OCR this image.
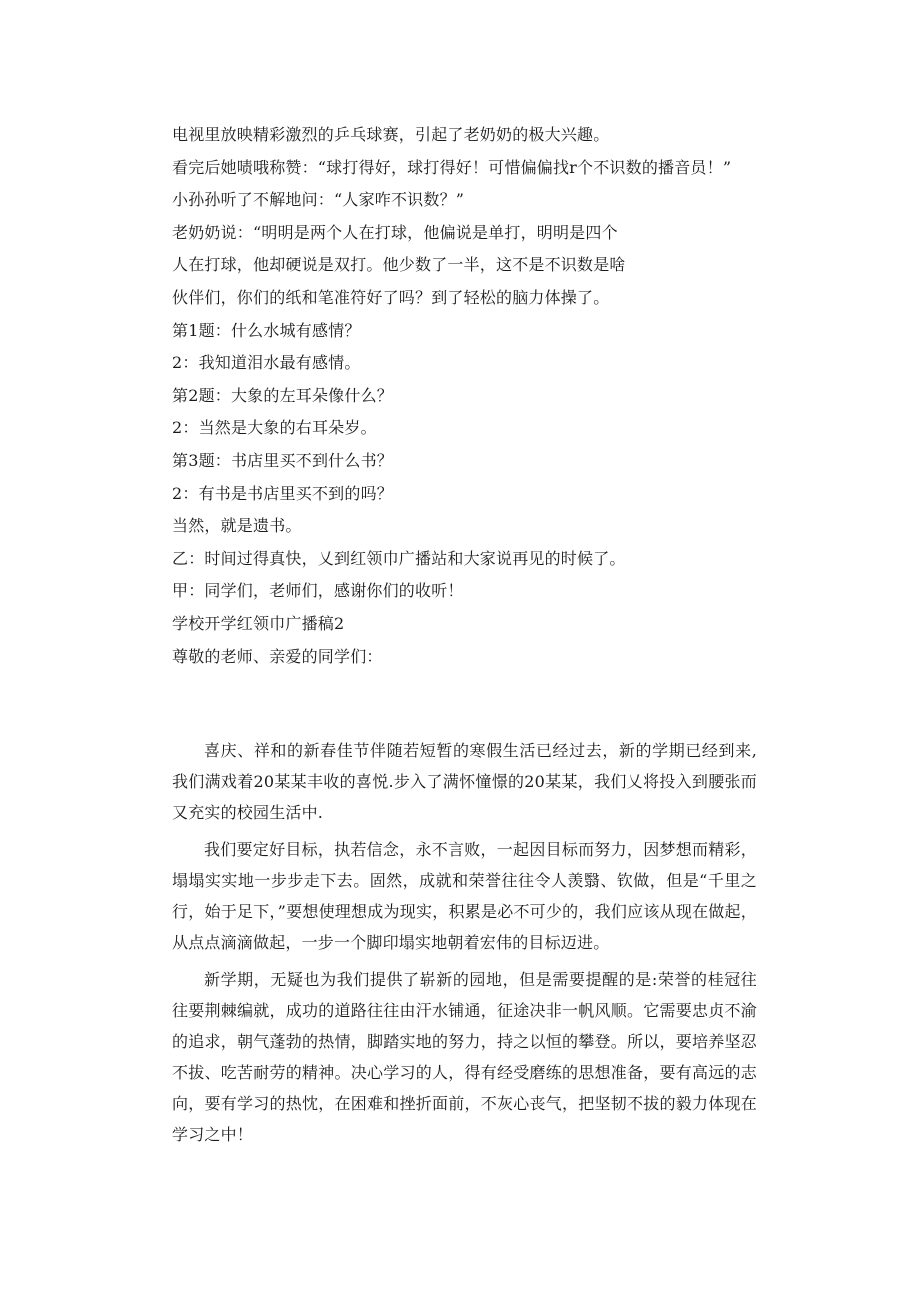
电视里放映精彩激烈的乒乓球赛，引起了老奶奶的极大兴趣。

看完后她啧哦称赞：“球打得好，球打得好！可惜偏偏找r个不识数的播音员！”

小孙孙听了不解地问：“人家咋不识数？”

老奶奶说：“明明是两个人在打球，他偏说是单打，明明是四个

人在打球，他却硬说是双打。他少数了一半，这不是不识数是啥

伙伴们，你们的纸和笔准符好了吗？到了轻松的脑力体操了。

第1题：什么水城有感情？

2：我知道泪水最有感情。

第2题：大象的左耳朵像什么？

2：当然是大象的右耳朵岁。

第3题：书店里买不到什么书？

2：有书是书店里买不到的吗？

当然，就是遗书。

乙：时间过得真快，乂到红领巾广播站和大家说再见的时候了。

甲：同学们，老师们，感谢你们的收听！

学校开学红领巾广播稿2

尊敬的老师、亲爱的同学们：

喜庆、祥和的新春佳节伴随若短暂的寒假生活已经过去，新的学期已经到来,我们满戏着20某某丰收的喜悦.步入了满怀憧憬的20某某，我们乂将投入到腰张而又充实的校园生活中.

我们要定好目标，执若信念，永不言败，一起因目标而努力，因梦想而精彩，塌塌实实地一步步走下去。固然，成就和荣誉往往令人羡翳、钦做，但是“千里之行，始于足下，”要想使理想成为现实，积累是必不可少的，我们应该从现在做起，从点点滴滴做起，一步一个脚印塌实地朝着宏伟的目标迈进。

新学期，无疑也为我们提供了崭新的园地，但是需要提醒的是:荣誉的桂冠往往要荆棘编就，成功的道路往往由汗水铺通，征途决非一帆风顺。它需要忠贞不渝的追求，朝气蓬勃的热情，脚踏实地的努力，持之以恒的攀登。所以，要培养坚忍不拔、吃苦耐劳的精神。决心学习的人，得有经受磨练的思想准备，要有高远的志向，要有学习的热忱，在困难和挫折面前，不灰心丧气，把坚韧不拔的毅力体现在学习之中！
